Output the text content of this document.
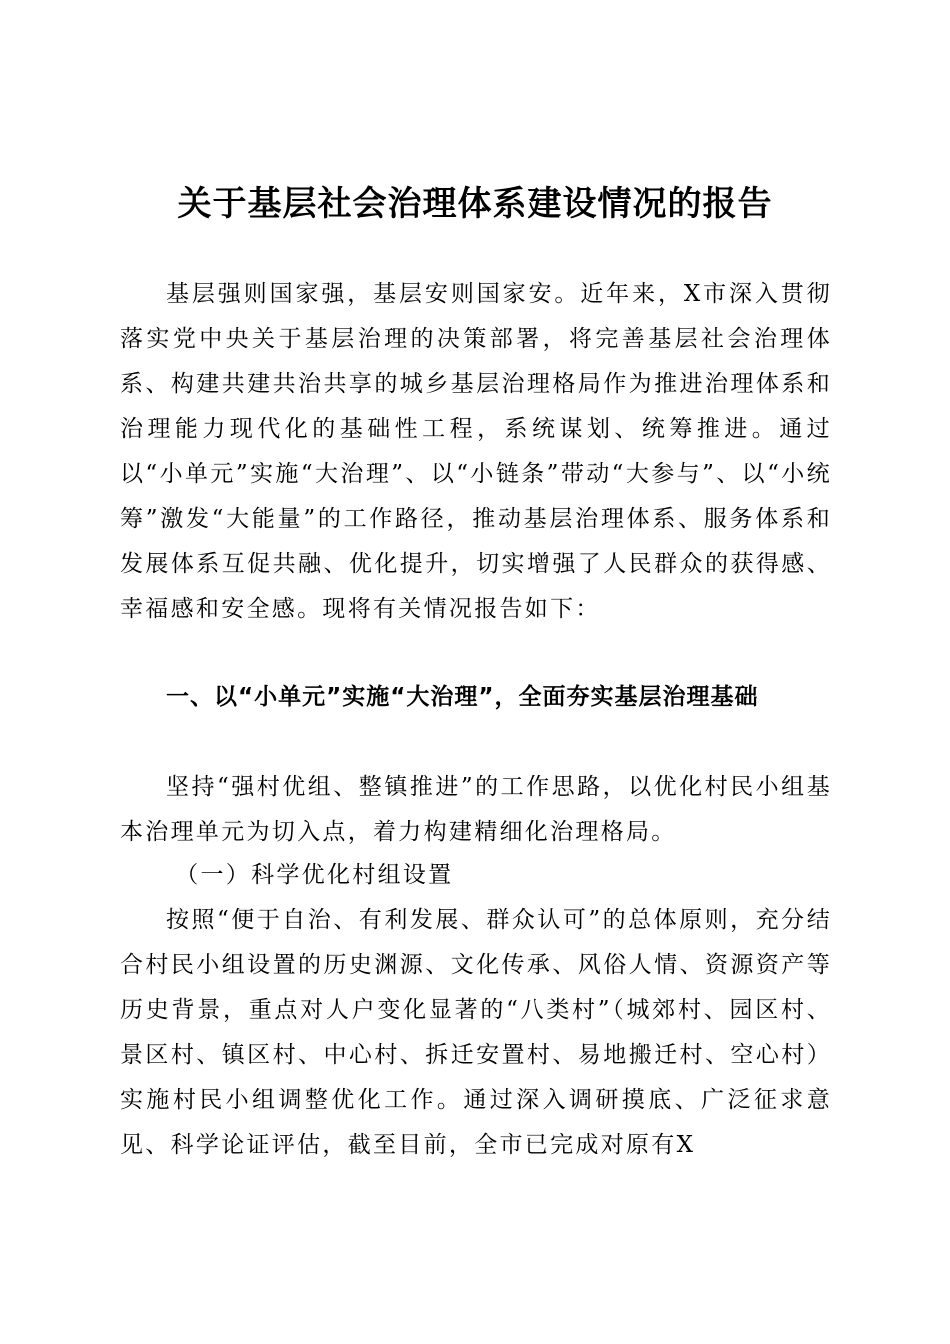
关于基层社会治理体系建设情况的报告

基层强则国家强，基层安则国家安。近年来，X市深入贯彻落实党中央关于基层治理的决策部署，将完善基层社会治理体系、构建共建共治共享的城乡基层治理格局作为推进治理体系和治理能力现代化的基础性工程，系统谋划、统筹推进。通过以“小单元”实施“大治理”、以“小链条”带动“大参与”、以“小统筹”激发“大能量”的工作路径，推动基层治理体系、服务体系和发展体系互促共融、优化提升，切实增强了人民群众的获得感、幸福感和安全感。现将有关情况报告如下：

一、以“小单元”实施“大治理”，全面夯实基层治理基础

坚持“强村优组、整镇推进”的工作思路，以优化村民小组基本治理单元为切入点，着力构建精细化治理格局。

（一）科学优化村组设置

按照“便于自治、有利发展、群众认可”的总体原则，充分结合村民小组设置的历史渊源、文化传承、风俗人情、资源资产等历史背景，重点对人户变化显著的“八类村”（城郊村、园区村、景区村、镇区村、中心村、拆迁安置村、易地搬迁村、空心村）实施村民小组调整优化工作。通过深入调研摸底、广泛征求意见、科学论证评估，截至目前，全市已完成对原有X
